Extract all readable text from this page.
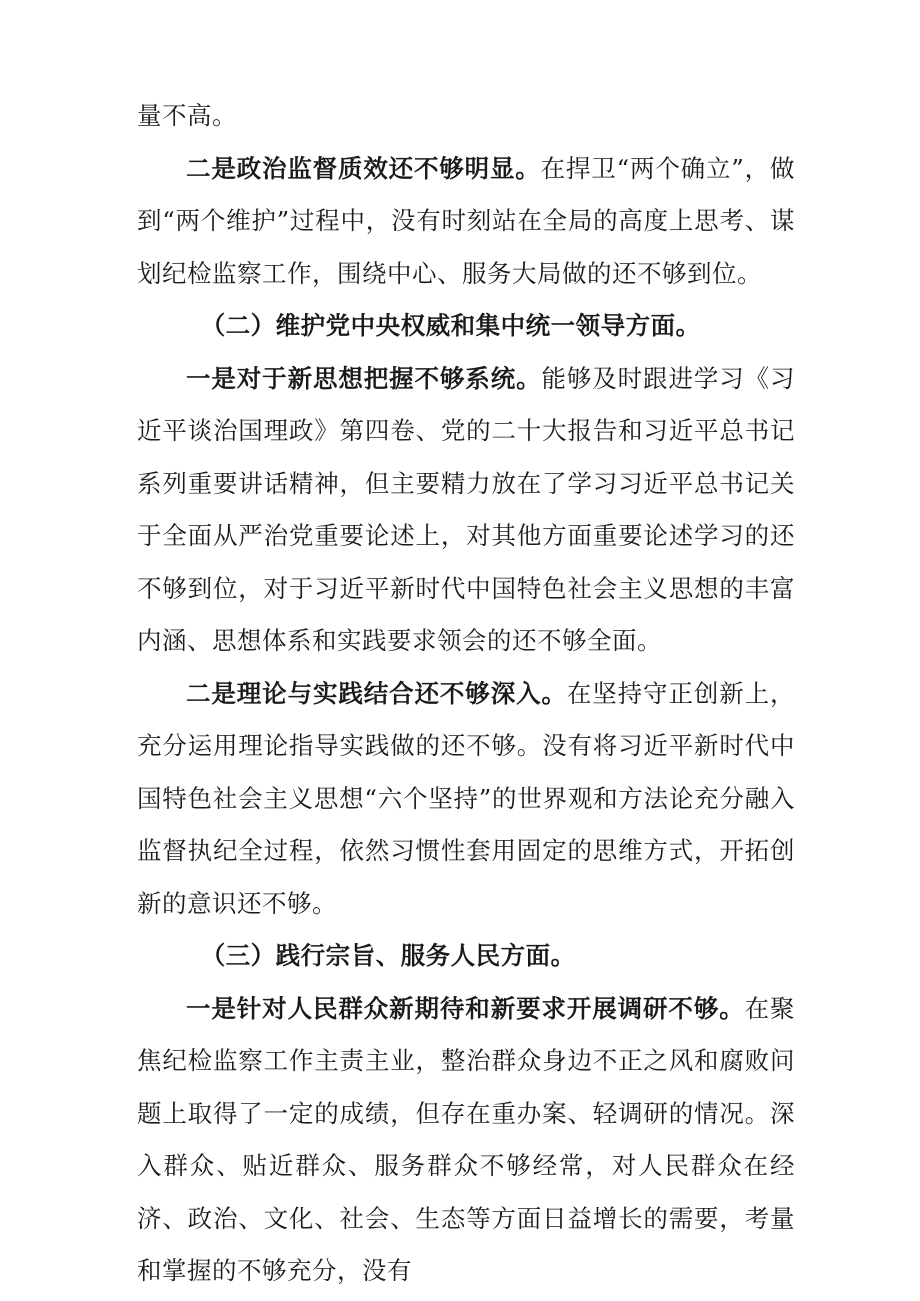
量不高。

二是政治监督质效还不够明显。在捍卫“两个确立”，做到“两个维护”过程中，没有时刻站在全局的高度上思考、谋划纪检监察工作，围绕中心、服务大局做的还不够到位。

（二）维护党中央权威和集中统一领导方面。

一是对于新思想把握不够系统。能够及时跟进学习《习近平谈治国理政》第四卷、党的二十大报告和习近平总书记系列重要讲话精神，但主要精力放在了学习习近平总书记关于全面从严治党重要论述上，对其他方面重要论述学习的还不够到位，对于习近平新时代中国特色社会主义思想的丰富内涵、思想体系和实践要求领会的还不够全面。

二是理论与实践结合还不够深入。在坚持守正创新上，充分运用理论指导实践做的还不够。没有将习近平新时代中国特色社会主义思想“六个坚持”的世界观和方法论充分融入监督执纪全过程，依然习惯性套用固定的思维方式，开拓创新的意识还不够。

（三）践行宗旨、服务人民方面。

一是针对人民群众新期待和新要求开展调研不够。在聚焦纪检监察工作主责主业，整治群众身边不正之风和腐败问题上取得了一定的成绩，但存在重办案、轻调研的情况。深入群众、贴近群众、服务群众不够经常，对人民群众在经济、政治、文化、社会、生态等方面日益增长的需要，考量和掌握的不够充分，没有
